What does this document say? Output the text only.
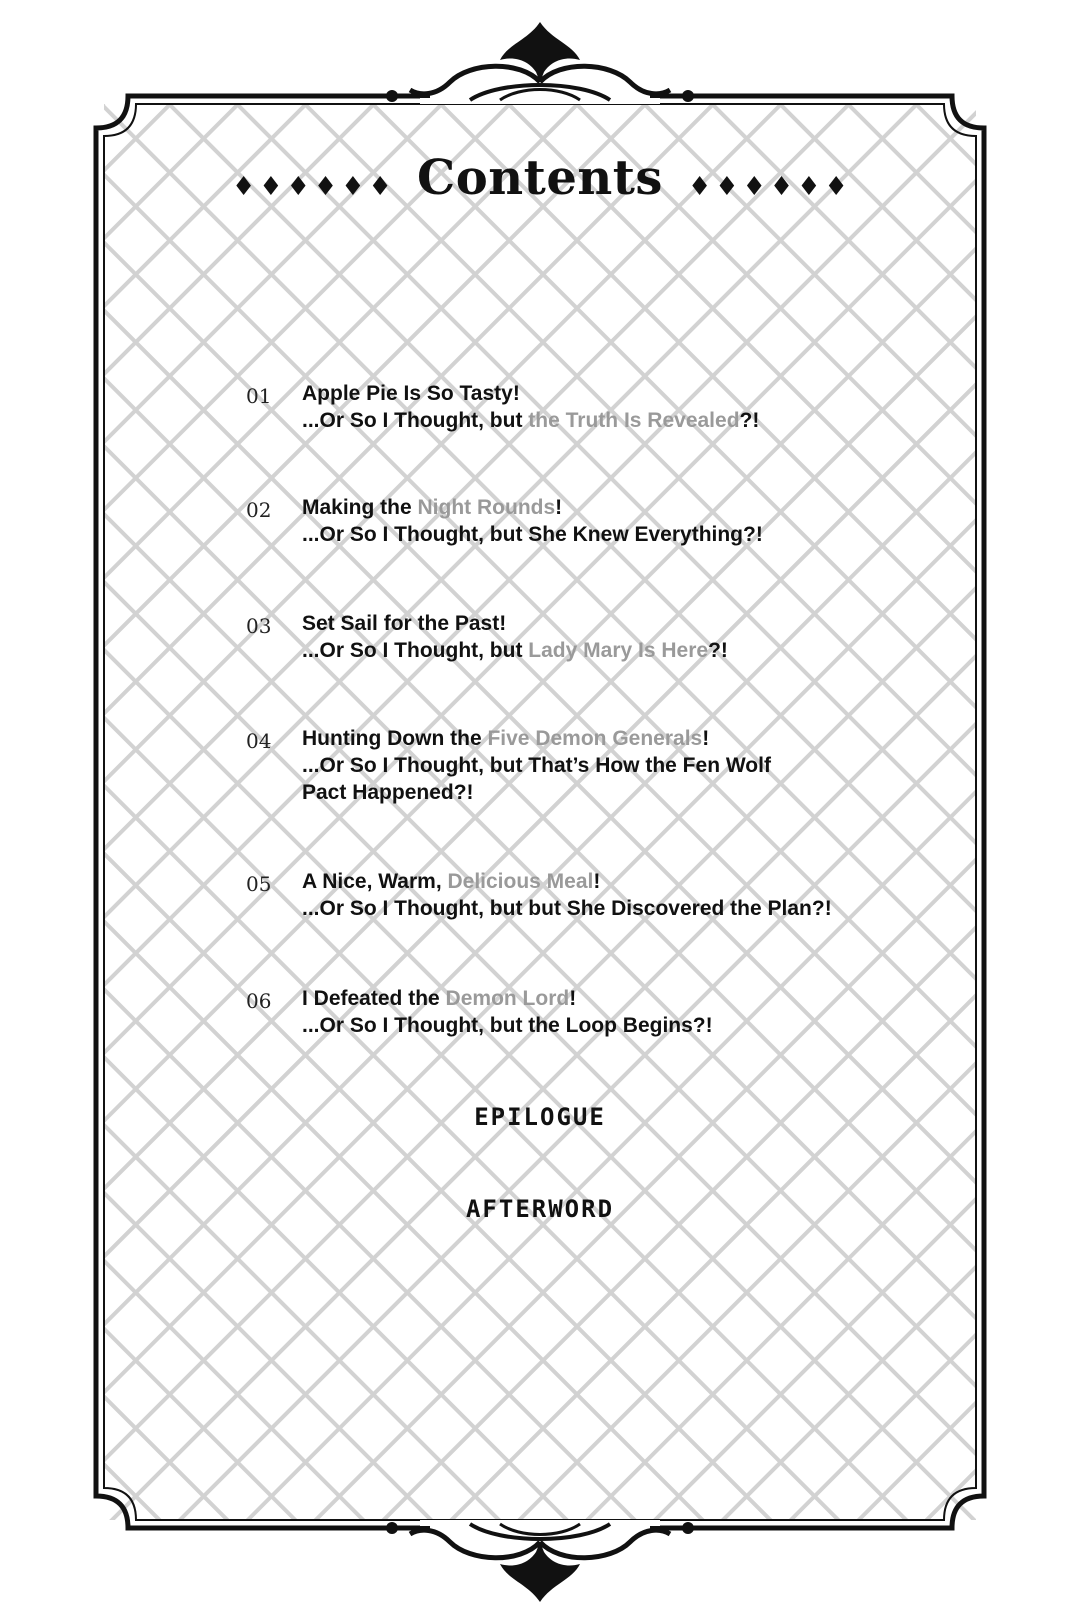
♦♦♦♦♦♦ Contents ♦♦♦♦♦♦
01 Apple Pie Is So Tasty!
...Or So I Thought, but the Truth Is Revealed?!
02 Making the Night Rounds!
...Or So I Thought, but She Knew Everything?!
03 Set Sail for the Past!
...Or So I Thought, but Lady Mary Is Here?!
04 Hunting Down the Five Demon Generals!
...Or So I Thought, but That’s How the Fen Wolf
Pact Happened?!
05 A Nice, Warm, Delicious Meal!
...Or So I Thought, but but She Discovered the Plan?!
06 I Defeated the Demon Lord!
...Or So I Thought, but the Loop Begins?!
EPILOGUE
AFTERWORD
